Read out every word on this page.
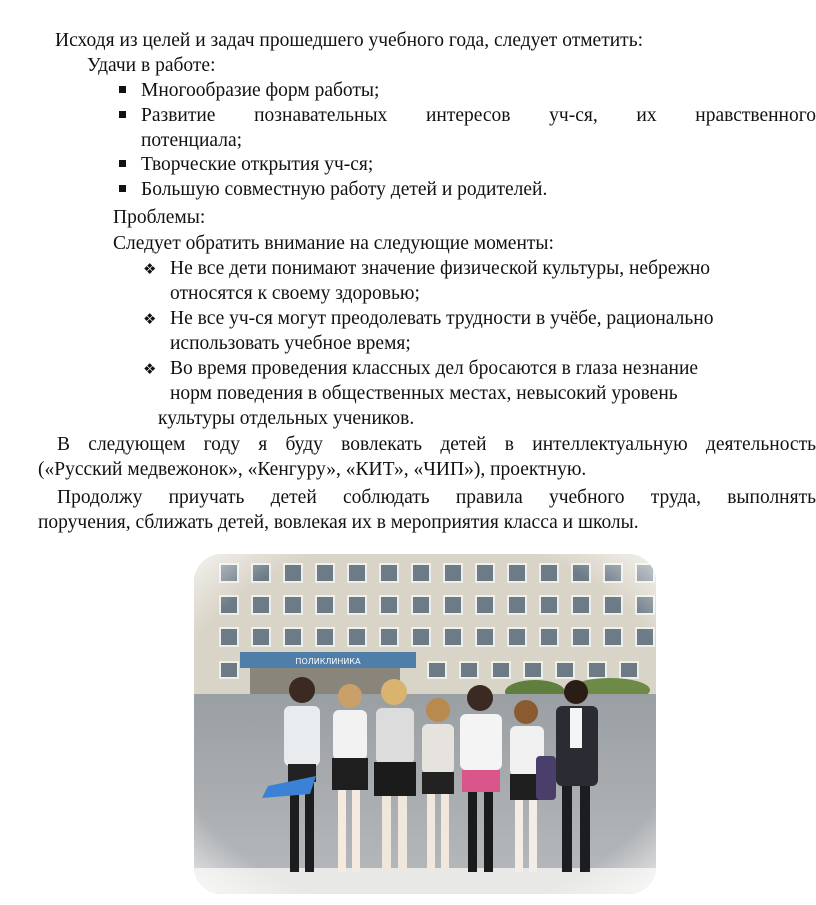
Исходя из целей и задач прошедшего учебного года, следует отметить:
Удачи в работе:
Многообразие форм работы;
Развитие познавательных интересов уч-ся, их нравственного
потенциала;
Творческие открытия уч-ся;
Большую совместную работу детей и родителей.
Проблемы:
Следует обратить внимание на следующие моменты:
❖ Не все дети понимают значение физической культуры, небрежно
относятся к своему здоровью;
❖ Не все уч-ся могут преодолевать трудности в учёбе, рационально
использовать учебное время;
❖ Во время проведения классных дел бросаются в глаза незнание
норм поведения в общественных местах, невысокий уровень
культуры отдельных учеников.
В следующем году я буду вовлекать детей в интеллектуальную деятельность
(«Русский медвежонок», «Кенгуру», «КИТ», «ЧИП»), проектную.
Продолжу приучать детей соблюдать правила учебного труда, выполнять
поручения, сближать детей, вовлекая их в мероприятия класса и школы.
